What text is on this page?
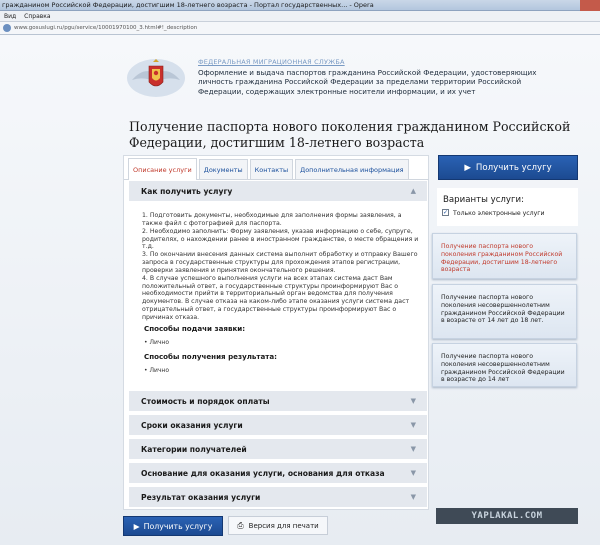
гражданином Российской Федерации, достигшим 18-летнего возраста - Портал государственных... - Opera
Вид Справка
www.gosuslugi.ru/pgu/service/10001970100_3.html#!_description
ФЕДЕРАЛЬНАЯ МИГРАЦИОННАЯ СЛУЖБА
Оформление и выдача паспортов гражданина Российской Федерации, удостоверяющих личность гражданина Российской Федерации за пределами территории Российской Федерации, содержащих электронные носители информации, и их учет
Получение паспорта нового поколения гражданином Российской Федерации, достигшим 18-летнего возраста
Описание услуги	Документы	Контакты	Дополнительная информация
Как получить услугу	▲

1. Подготовить документы, необходимые для заполнения формы заявления, а также файл с фотографией для паспорта.

2. Необходимо заполнить: Форму заявления, указав информацию о себе, супруге, родителях, о нахождении ранее в иностранном гражданстве, о месте обращения и т.д.

3. По окончании внесения данных система выполнит обработку и отправку Вашего запроса в государственные структуры для прохождения этапов регистрации, проверки заявления и принятия окончательного решения.

4. В случае успешного выполнения услуги на всех этапах система даст Вам положительный ответ, а государственные структуры проинформируют Вас о необходимости прийти в территориальный орган ведомства для получения документов. В случае отказа на каком-либо этапе оказания услуги система даст отрицательный ответ, а государственные структуры проинформируют Вас о причинах отказа.

Способы подачи заявки:
• Лично
Способы получения результата:
• Лично
Стоимость и порядок оплаты	▼
Сроки оказания услуги	▼
Категории получателей	▼
Основание для оказания услуги, основания для отказа	▼
Результат оказания услуги	▼
▶ Получить услугу	⎙ Версия для печати
▶ Получить услугу
Варианты услуги:
✓ Только электронные услуги
Получение паспорта нового поколения гражданином Российской Федерации, достигшим 18-летнего возраста
Получение паспорта нового поколения несовершеннолетним гражданином Российской Федерации в возрасте от 14 лет до 18 лет.
Получение паспорта нового поколения несовершеннолетним гражданином Российской Федерации в возрасте до 14 лет
YAPLAKAL.COM
